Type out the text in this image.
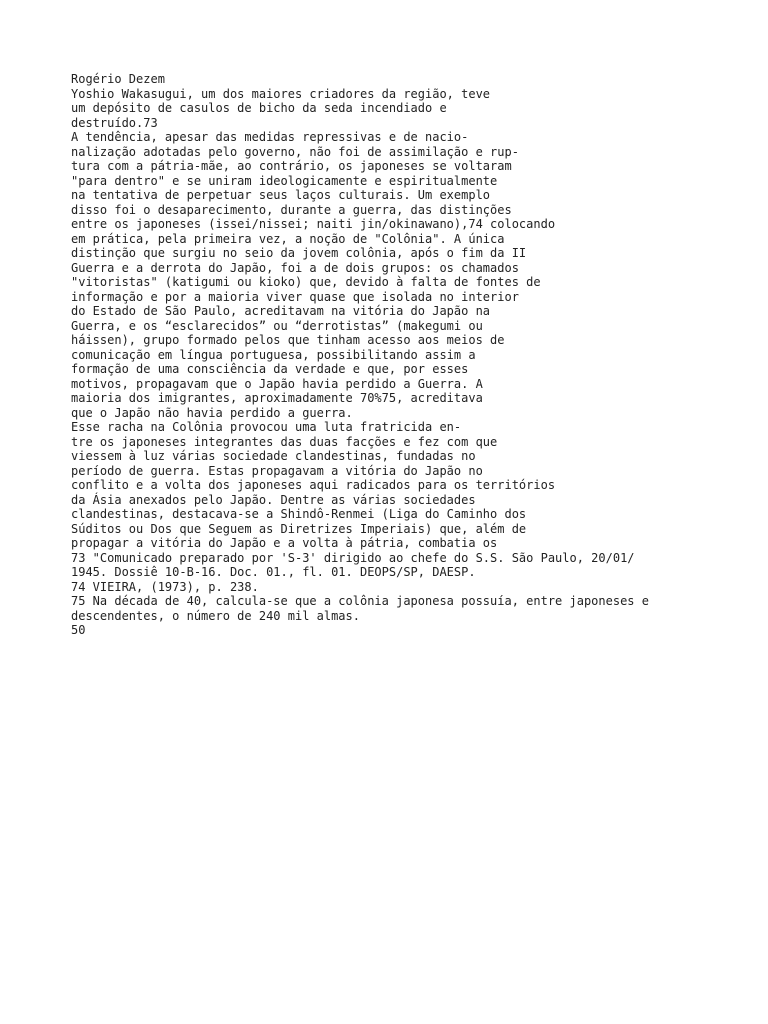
Rogério Dezem
Yoshio Wakasugui, um dos maiores criadores da região, teve
um depósito de casulos de bicho da seda incendiado e
destruído.73
A tendência, apesar das medidas repressivas e de nacio-
nalização adotadas pelo governo, não foi de assimilação e rup-
tura com a pátria-mãe, ao contrário, os japoneses se voltaram
"para dentro" e se uniram ideologicamente e espiritualmente
na tentativa de perpetuar seus laços culturais. Um exemplo
disso foi o desaparecimento, durante a guerra, das distinções
entre os japoneses (issei/nissei; naiti jin/okinawano),74 colocando
em prática, pela primeira vez, a noção de "Colônia". A única
distinção que surgiu no seio da jovem colônia, após o fim da II
Guerra e a derrota do Japão, foi a de dois grupos: os chamados
"vitoristas" (katigumi ou kioko) que, devido à falta de fontes de
informação e por a maioria viver quase que isolada no interior
do Estado de São Paulo, acreditavam na vitória do Japão na
Guerra, e os “esclarecidos” ou “derrotistas” (makegumi ou
háissen), grupo formado pelos que tinham acesso aos meios de
comunicação em língua portuguesa, possibilitando assim a
formação de uma consciência da verdade e que, por esses
motivos, propagavam que o Japão havia perdido a Guerra. A
maioria dos imigrantes, aproximadamente 70%75, acreditava
que o Japão não havia perdido a guerra.
Esse racha na Colônia provocou uma luta fratricida en-
tre os japoneses integrantes das duas facções e fez com que
viessem à luz várias sociedade clandestinas, fundadas no
período de guerra. Estas propagavam a vitória do Japão no
conflito e a volta dos japoneses aqui radicados para os territórios
da Ásia anexados pelo Japão. Dentre as várias sociedades
clandestinas, destacava-se a Shindô-Renmei (Liga do Caminho dos
Súditos ou Dos que Seguem as Diretrizes Imperiais) que, além de
propagar a vitória do Japão e a volta à pátria, combatia os
73 "Comunicado preparado por 'S-3' dirigido ao chefe do S.S. São Paulo, 20/01/
1945. Dossiê 10-B-16. Doc. 01., fl. 01. DEOPS/SP, DAESP.
74 VIEIRA, (1973), p. 238.
75 Na década de 40, calcula-se que a colônia japonesa possuía, entre japoneses e
descendentes, o número de 240 mil almas.
50
